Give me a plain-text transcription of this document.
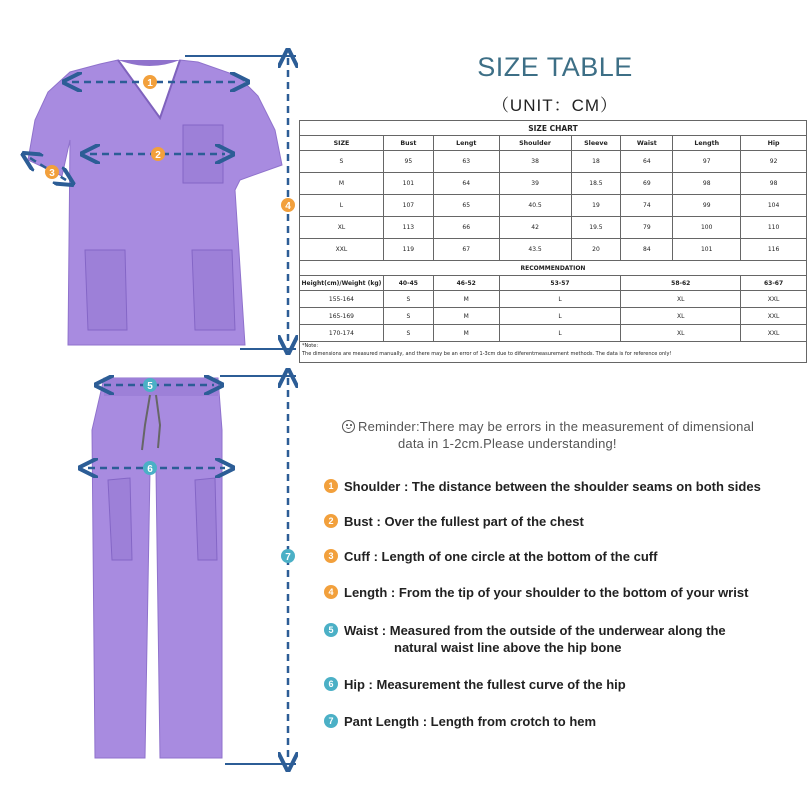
1
2
3
4
5
6
7
SIZE TABLE
（UNIT：CM）
SIZE CHART							
SIZE	Bust	Lengt	Shoulder	Sleeve	Waist	Length	Hip
S	95	63	38	18	64	97	92
M	101	64	39	18.5	69	98	98
L	107	65	40.5	19	74	99	104
XL	113	66	42	19.5	79	100	110
XXL	119	67	43.5	20	84	101	116
RECOMMENDATION							
Height(cm)/Weight (kg)	40-45	46-52	53-57		58-62		63-67
155-164	S	M	L		XL		XXL
165-169	S	M	L		XL		XXL
170-174	S	M	L		XL		XXL

*Note:
The dimensions are measured manually, and there may be an error of 1-3cm due to diferentmeasurement methods. The data is for reference only!							
Reminder:There may be errors in the measurement of dimensional
data in 1-2cm.Please understanding!
1 Shoulder : The distance between the shoulder seams on both sides
2 Bust : Over the fullest part of the chest
3 Cuff : Length of one circle at the bottom of the cuff
4 Length : From the tip of your shoulder to the bottom of your wrist
5 Waist : Measured from the outside of the underwear along the
natural waist line above the hip bone
6 Hip : Measurement the fullest curve of the hip
7 Pant Length : Length from crotch to hem
